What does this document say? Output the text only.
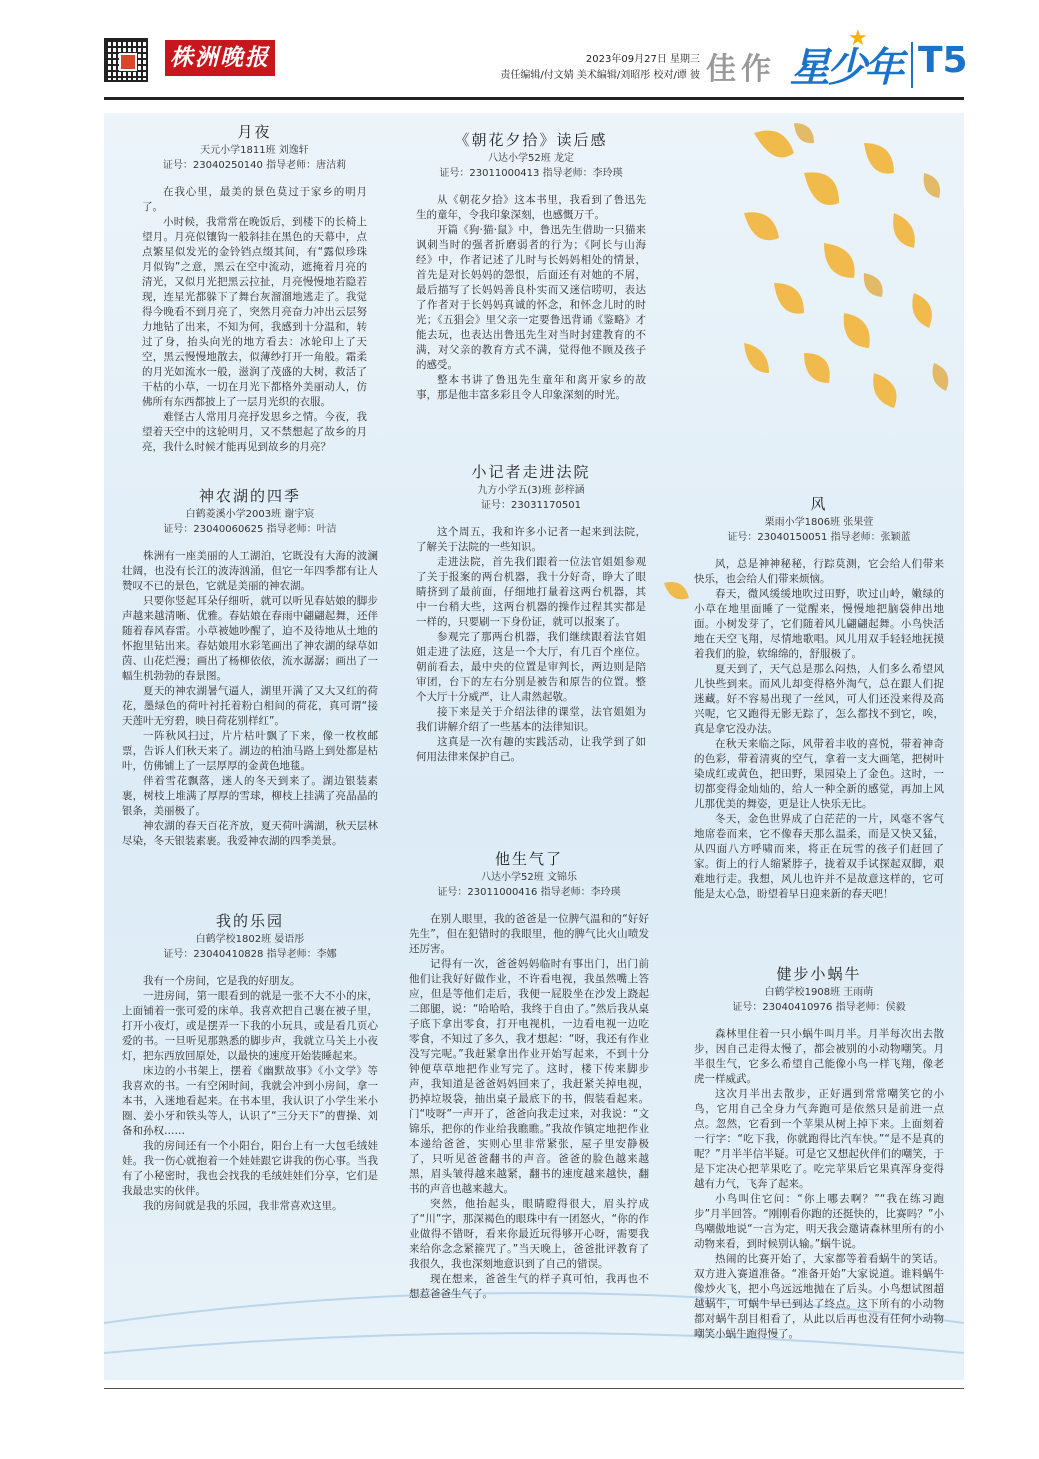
株洲晚报	2023年09月27日 星期三
责任编辑/付文婧 美术编辑/刘昭彤 校对/谭 彼 佳作 星少年
★
T5
月夜
天元小学1811班 刘逸轩
证号：23040250140 指导老师：唐洁莉

在我心里，最美的景色莫过于家乡的明月了。

小时候，我常常在晚饭后，到楼下的长椅上望月。月亮似镶钩一般斜挂在黑色的天幕中，点点繁星似发光的金铃铛点缀其间，有“露似珍珠月似钩”之意，黑云在空中流动，遮掩着月亮的清光，又似月光把黑云拉扯，月亮慢慢地若隐若现，连星光都躲下了舞台灰溜溜地逃走了。我觉得今晚看不到月亮了，突然月亮奋力冲出云层努力地钻了出来，不知为何，我感到十分温和，转过了身，抬头向光的地方看去：冰轮印上了天空，黑云慢慢地散去，似薄纱打开一角般。霜柔的月光如流水一般，滋润了茂盛的大树，救活了干枯的小草，一切在月光下都格外美丽动人，仿佛所有东西都披上了一层月光织的衣服。

难怪古人常用月亮抒发思乡之情。今夜，我望着天空中的这轮明月，又不禁想起了故乡的月亮，我什么时候才能再见到故乡的月亮？

神农湖的四季
白鹤菱溪小学2003班 谢宇宸
证号：23040060625 指导老师：叶洁

株洲有一座美丽的人工湖泊，它既没有大海的波澜壮阔，也没有长江的波涛汹涌，但它一年四季都有让人赞叹不已的景色，它就是美丽的神农湖。

只要你竖起耳朵仔细听，就可以听见春姑娘的脚步声越来越清晰、优雅。春姑娘在春雨中翩翩起舞，还伴随着春风春雷。小草被她吵醒了，迫不及待地从土地的怀抱里钻出来。春姑娘用水彩笔画出了神农湖的绿草如茵、山花烂漫；画出了杨柳依依，流水潺潺；画出了一幅生机勃勃的春景图。

夏天的神农湖暑气逼人，湖里开满了又大又红的荷花，墨绿色的荷叶衬托着粉白相间的荷花，真可谓“接天莲叶无穷碧，映日荷花别样红”。

一阵秋风扫过，片片枯叶飘了下来，像一枚枚邮票，告诉人们秋天来了。湖边的柏油马路上到处都是枯叶，仿佛铺上了一层厚厚的金黄色地毯。

伴着雪花飘落，迷人的冬天到来了。湖边银装素裹，树枝上堆满了厚厚的雪球，柳枝上挂满了亮晶晶的银条，美丽极了。

神农湖的春天百花齐放，夏天荷叶满湖，秋天层林尽染，冬天银装素裹。我爱神农湖的四季美景。

我的乐园
白鹤学校1802班 晏语彤
证号：23040410828 指导老师：李娜

我有一个房间，它是我的好朋友。

一进房间，第一眼看到的就是一张不大不小的床，上面铺着一张可爱的床单。我喜欢把自己裹在被子里，打开小夜灯，或是摆弄一下我的小玩具，或是看几页心爱的书。一旦听见那熟悉的脚步声，我就立马关上小夜灯，把东西放回原处，以最快的速度开始装睡起来。

床边的小书架上，摆着《幽默故事》《小文学》等我喜欢的书。一有空闲时间，我就会冲到小房间，拿一本书，入迷地看起来。在书本里，我认识了小学生米小圈、姜小牙和铁头等人，认识了“三分天下”的曹操、刘备和孙权……

我的房间还有一个小阳台，阳台上有一大包毛绒娃娃。我一伤心就抱着一个娃娃跟它讲我的伤心事。当我有了小秘密时，我也会找我的毛绒娃娃们分享，它们是我最忠实的伙伴。

我的房间就是我的乐园，我非常喜欢这里。

《朝花夕拾》读后感
八达小学52班 龙定
证号：23011000413 指导老师：李玲瑛

从《朝花夕拾》这本书里，我看到了鲁迅先生的童年，令我印象深刻，也感慨万千。

开篇《狗·猫·鼠》中，鲁迅先生借助一只猫来讽刺当时的强者折磨弱者的行为；《阿长与山海经》中，作者记述了儿时与长妈妈相处的情景，首先是对长妈妈的怨恨，后面还有对她的不屑，最后描写了长妈妈善良朴实而又迷信唠叨，表达了作者对于长妈妈真诚的怀念，和怀念儿时的时光；《五猖会》里父亲一定要鲁迅背诵《鉴略》才能去玩，也表达出鲁迅先生对当时封建教育的不满，对父亲的教育方式不满，觉得他不顾及孩子的感受。

整本书讲了鲁迅先生童年和离开家乡的故事，那是他丰富多彩且令人印象深刻的时光。

小记者走进法院
九方小学五(3)班 彭梓涵
证号：23031170501

这个周五，我和许多小记者一起来到法院，了解关于法院的一些知识。

走进法院，首先我们跟着一位法官姐姐参观了关于报案的两台机器，我十分好奇，睁大了眼睛挤到了最前面，仔细地打量着这两台机器，其中一台稍大些，这两台机器的操作过程其实都是一样的，只要刷一下身份证，就可以报案了。

参观完了那两台机器，我们继续跟着法官姐姐走进了法庭，这是一个大厅，有几百个座位。朝前看去，最中央的位置是审判长，两边则是陪审团，台下的左右分别是被告和原告的位置。整个大厅十分威严，让人肃然起敬。

接下来是关于介绍法律的课堂，法官姐姐为我们讲解介绍了一些基本的法律知识。

这真是一次有趣的实践活动，让我学到了如何用法律来保护自己。

他生气了
八达小学52班 文锦乐
证号：23011000416 指导老师：李玲瑛

在别人眼里，我的爸爸是一位脾气温和的“好好先生”，但在犯错时的我眼里，他的脾气比火山喷发还厉害。

记得有一次，爸爸妈妈临时有事出门，出门前他们让我好好做作业，不许看电视，我虽然嘴上答应，但是等他们走后，我便一屁股坐在沙发上跷起二郎腿，说：“哈哈哈，我终于自由了。”然后我从桌子底下拿出零食，打开电视机，一边看电视一边吃零食，不知过了多久，我才想起：“呀，我还有作业没写完呢。”我赶紧拿出作业开始写起来，不到十分钟便草草地把作业写完了。这时，楼下传来脚步声，我知道是爸爸妈妈回来了，我赶紧关掉电视，扔掉垃圾袋，抽出桌子最底下的书，假装看起来。门“吱呀”一声开了，爸爸向我走过来，对我说：“文锦乐，把你的作业给我瞧瞧。”我故作镇定地把作业本递给爸爸，实则心里非常紧张，屋子里安静极了，只听见爸爸翻书的声音。爸爸的脸色越来越黑，眉头皱得越来越紧，翻书的速度越来越快，翻书的声音也越来越大。

突然，他抬起头，眼睛瞪得很大，眉头拧成了“川”字，那深褐色的眼珠中有一团怒火，“你的作业做得不错呀，看来你最近玩得够开心呀，需要我来给你念念紧箍咒了。”当天晚上，爸爸批评教育了我很久，我也深刻地意识到了自己的错误。

现在想来，爸爸生气的样子真可怕，我再也不想惹爸爸生气了。

风
栗雨小学1806班 张果萱
证号：23040150051 指导老师：张颖蓝

风，总是神神秘秘，行踪莫测，它会给人们带来快乐，也会给人们带来烦恼。

春天，微风缓缓地吹过田野，吹过山岭，嫩绿的小草在地里面睡了一觉醒来，慢慢地把脑袋伸出地面。小树发芽了，它们随着风儿翩翩起舞。小鸟快活地在天空飞翔，尽情地歌唱。风儿用双手轻轻地抚摸着我们的脸，软绵绵的，舒服极了。

夏天到了，天气总是那么闷热，人们多么希望风儿快些到来。而风儿却变得格外淘气，总在跟人们捉迷藏。好不容易出现了一丝风，可人们还没来得及高兴呢，它又跑得无影无踪了，怎么都找不到它，唉，真是拿它没办法。

在秋天来临之际，风带着丰收的喜悦，带着神奇的色彩，带着清爽的空气，拿着一支大画笔，把树叶染成红或黄色，把田野，果园染上了金色。这时，一切都变得金灿灿的，给人一种全新的感觉，再加上风儿那优美的舞姿，更是让人快乐无比。

冬天，金色世界成了白茫茫的一片，风毫不客气地席卷而来，它不像春天那么温柔，而是又快又猛，从四面八方呼啸而来，将正在玩雪的孩子们赶回了家。街上的行人缩紧脖子，拢着双手试探起双脚，艰难地行走。我想，风儿也许并不是故意这样的，它可能是太心急，盼望着早日迎来新的春天吧！

健步小蜗牛
白鹤学校1908班 王雨萌
证号：23040410976 指导老师：侯毅

森林里住着一只小蜗牛叫月半。月半每次出去散步，因自己走得太慢了，都会被别的小动物嘲笑。月半很生气，它多么希望自己能像小鸟一样飞翔，像老虎一样威武。

这次月半出去散步，正好遇到常常嘲笑它的小鸟，它用自己全身力气奔跑可是依然只是前进一点点。忽然，它看到一个苹果从树上掉下来。上面刻着一行字：“吃下我，你就跑得比汽车快。”“是不是真的呢？”月半半信半疑。可是它又想起伙伴们的嘲笑，于是下定决心把苹果吃了。吃完苹果后它果真浑身变得越有力气，飞奔了起来。

小鸟叫住它问：“你上哪去啊？”“我在练习跑步”月半回答。“刚刚看你跑的还挺快的，比赛吗？”小鸟嘲傲地说“一言为定，明天我会邀请森林里所有的小动物来看，到时候别认输。”蜗牛说。

热闹的比赛开始了，大家都等着看蜗牛的笑话。双方进入赛道准备。“准备开始”大家说道。谁料蜗牛像炒火飞，把小鸟远远地抛在了后头。小鸟想试图超越蜗牛，可蜗牛早已到达了终点。这下所有的小动物都对蜗牛刮目相看了，从此以后再也没有任何小动物嘲笑小蜗牛跑得慢了。
